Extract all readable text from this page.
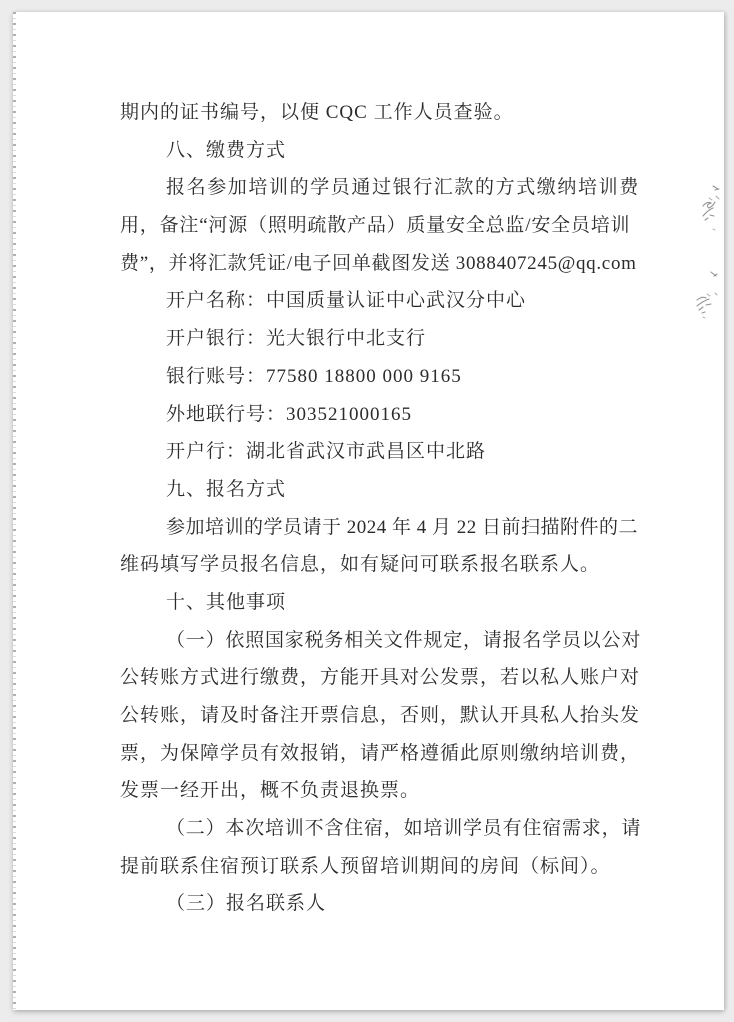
期内的证书编号，以便 CQC 工作人员查验。
八、缴费方式
报名参加培训的学员通过银行汇款的方式缴纳培训费
用，备注“河源（照明疏散产品）质量安全总监/安全员培训
费”，并将汇款凭证/电子回单截图发送 3088407245@qq.com
开户名称：中国质量认证中心武汉分中心
开户银行：光大银行中北支行
银行账号：77580 18800 000 9165
外地联行号：303521000165
开户行：湖北省武汉市武昌区中北路
九、报名方式
参加培训的学员请于 2024 年 4 月 22 日前扫描附件的二
维码填写学员报名信息，如有疑问可联系报名联系人。
十、其他事项
（一）依照国家税务相关文件规定，请报名学员以公对
公转账方式进行缴费，方能开具对公发票，若以私人账户对
公转账，请及时备注开票信息，否则，默认开具私人抬头发
票，为保障学员有效报销，请严格遵循此原则缴纳培训费，
发票一经开出，概不负责退换票。
（二）本次培训不含住宿，如培训学员有住宿需求，请
提前联系住宿预订联系人预留培训期间的房间（标间）。
（三）报名联系人
